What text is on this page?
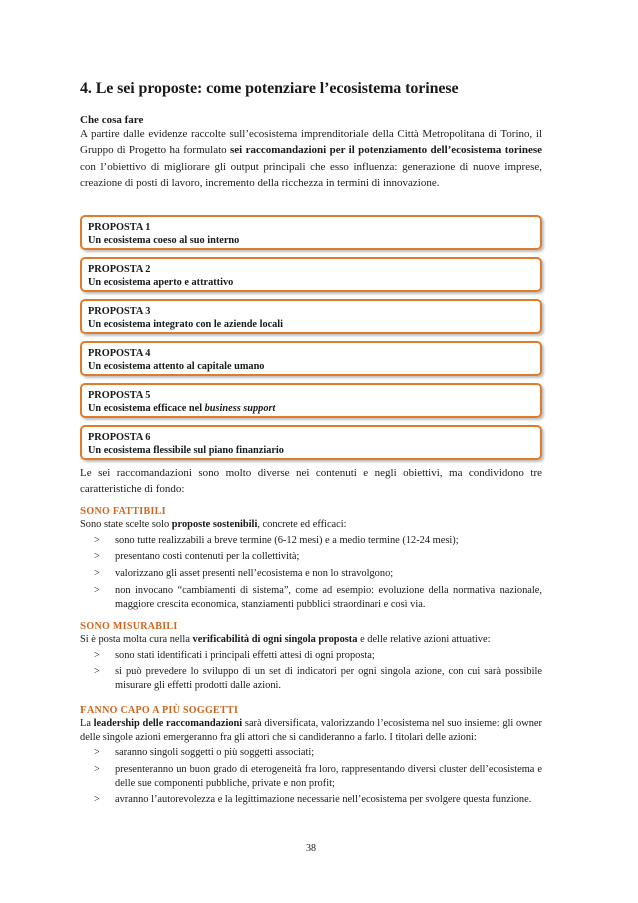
4. Le sei proposte: come potenziare l’ecosistema torinese
Che cosa fare

A partire dalle evidenze raccolte sull’ecosistema imprenditoriale della Città Metropolitana di Torino, il Gruppo di Progetto ha formulato sei raccomandazioni per il potenziamento dell’ecosistema torinese con l’obiettivo di migliorare gli output principali che esso influenza: generazione di nuove imprese, creazione di posti di lavoro, incremento della ricchezza in termini di innovazione.

PROPOSTA 1
Un ecosistema coeso al suo interno
PROPOSTA 2
Un ecosistema aperto e attrattivo
PROPOSTA 3
Un ecosistema integrato con le aziende locali
PROPOSTA 4
Un ecosistema attento al capitale umano
PROPOSTA 5
Un ecosistema efficace nel business support
PROPOSTA 6
Un ecosistema flessibile sul piano finanziario

Le sei raccomandazioni sono molto diverse nei contenuti e negli obiettivi, ma condividono tre caratteristiche di fondo:

SONO FATTIBILI

Sono state scelte solo proposte sostenibili, concrete ed efficaci:

> sono tutte realizzabili a breve termine (6-12 mesi) e a medio termine (12-24 mesi);
> presentano costi contenuti per la collettività;
> valorizzano gli asset presenti nell’ecosistema e non lo stravolgono;
> non invocano “cambiamenti di sistema”, come ad esempio: evoluzione della normativa nazionale, maggiore crescita economica, stanziamenti pubblici straordinari e così via.

SONO MISURABILI

Si è posta molta cura nella verificabilità di ogni singola proposta e delle relative azioni attuative:

> sono stati identificati i principali effetti attesi di ogni proposta;
> si può prevedere lo sviluppo di un set di indicatori per ogni singola azione, con cui sarà possibile misurare gli effetti prodotti dalle azioni.

FANNO CAPO A PIÙ SOGGETTI

La leadership delle raccomandazioni sarà diversificata, valorizzando l’ecosistema nel suo insieme: gli owner delle singole azioni emergeranno fra gli attori che si candideranno a farlo. I titolari delle azioni:

> saranno singoli soggetti o più soggetti associati;
> presenteranno un buon grado di eterogeneità fra loro, rappresentando diversi cluster dell’ecosistema e delle sue componenti pubbliche, private e non profit;
> avranno l’autorevolezza e la legittimazione necessarie nell’ecosistema per svolgere questa funzione.
38
